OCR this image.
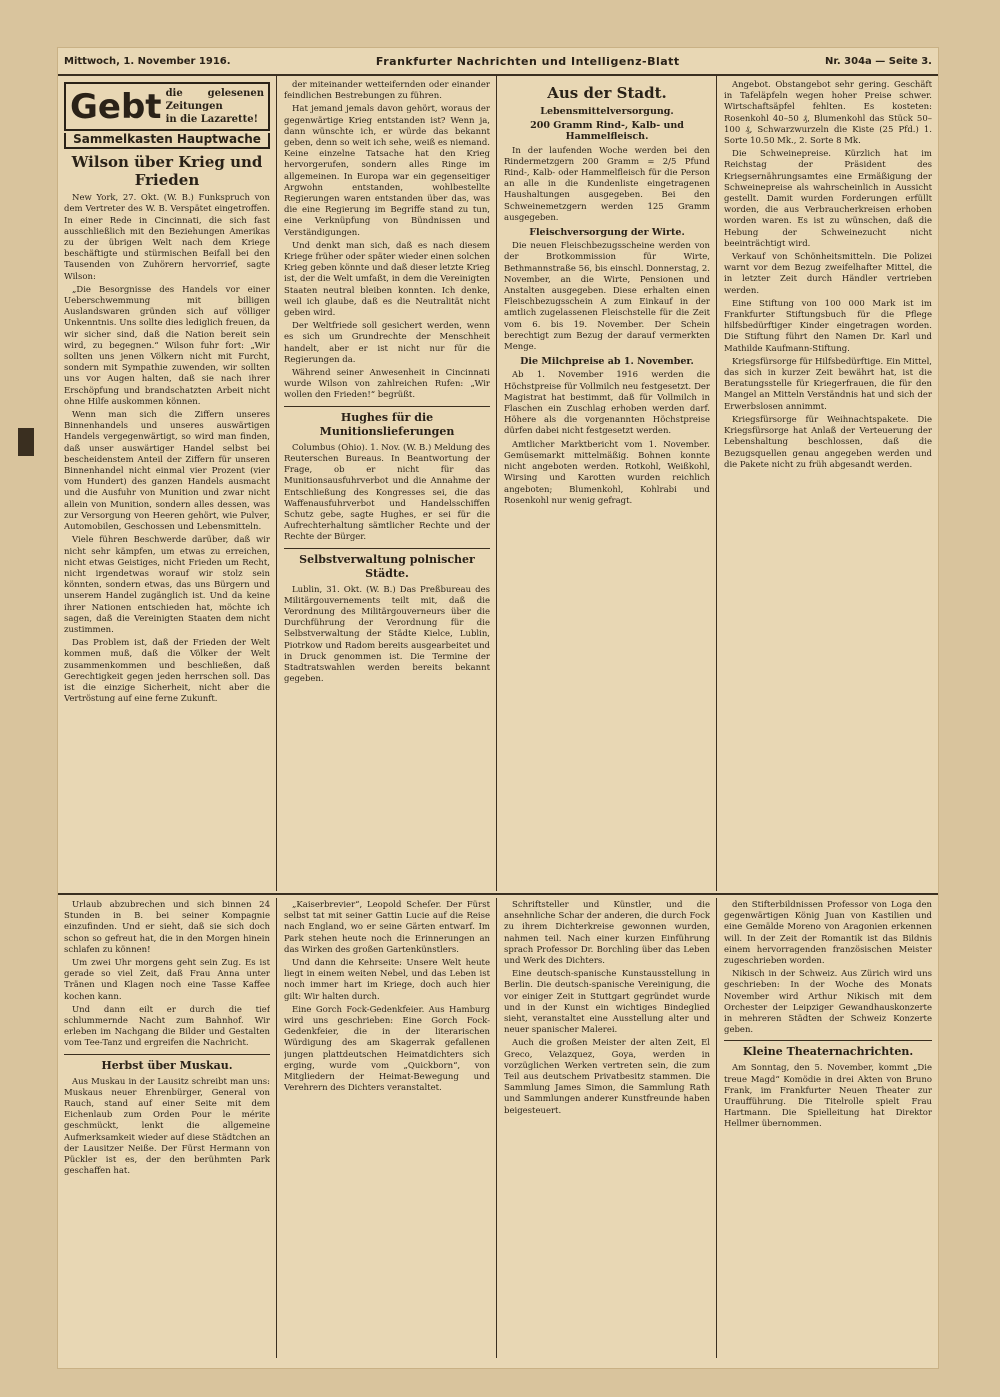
Mittwoch, 1. November 1916.	Frankfurter Nachrichten und Intelligenz-Blatt	Nr. 304a — Seite 3.
Gebt die gelesenen Zeitungen
in die Lazarette!
Sammelkasten Hauptwache
Wilson über Krieg und Frieden

New York, 27. Okt. (W. B.) Funkspruch von dem Vertreter des W. B. Verspätet eingetroffen. In einer Rede in Cincinnati, die sich fast ausschließlich mit den Beziehungen Amerikas zu der übrigen Welt nach dem Kriege beschäftigte und stürmischen Beifall bei den Tausenden von Zuhörern hervorrief, sagte Wilson:

„Die Besorgnisse des Handels vor einer Ueberschwemmung mit billigen Auslandswaren gründen sich auf völliger Unkenntnis. Uns sollte dies lediglich freuen, da wir sicher sind, daß die Nation bereit sein wird, zu begegnen.“ Wilson fuhr fort: „Wir sollten uns jenen Völkern nicht mit Furcht, sondern mit Sympathie zuwenden, wir sollten uns vor Augen halten, daß sie nach ihrer Erschöpfung und brandschatzten Arbeit nicht ohne Hilfe auskommen können.

Wenn man sich die Ziffern unseres Binnenhandels und unseres auswärtigen Handels vergegenwärtigt, so wird man finden, daß unser auswärtiger Handel selbst bei bescheidenstem Anteil der Ziffern für unseren Binnenhandel nicht einmal vier Prozent (vier vom Hundert) des ganzen Handels ausmacht und die Ausfuhr von Munition und zwar nicht allein von Munition, sondern alles dessen, was zur Versorgung von Heeren gehört, wie Pulver, Automobilen, Geschossen und Lebensmitteln.

Viele führen Beschwerde darüber, daß wir nicht sehr kämpfen, um etwas zu erreichen, nicht etwas Geistiges, nicht Frieden um Recht, nicht irgendetwas worauf wir stolz sein könnten, sondern etwas, das uns Bürgern und unserem Handel zugänglich ist. Und da keine ihrer Nationen entschieden hat, möchte ich sagen, daß die Vereinigten Staaten dem nicht zustimmen.

Das Problem ist, daß der Frieden der Welt kommen muß, daß die Völker der Welt zusammenkommen und beschließen, daß Gerechtigkeit gegen jeden herrschen soll. Das ist die einzige Sicherheit, nicht aber die Vertröstung auf eine ferne Zukunft.

der miteinander wetteifernden oder einander feindlichen Bestrebungen zu führen.

Hat jemand jemals davon gehört, woraus der gegenwärtige Krieg entstanden ist? Wenn ja, dann wünschte ich, er würde das bekannt geben, denn so weit ich sehe, weiß es niemand. Keine einzelne Tatsache hat den Krieg hervorgerufen, sondern alles Ringe im allgemeinen. In Europa war ein gegenseitiger Argwohn entstanden, wohlbestellte Regierungen waren entstanden über das, was die eine Regierung im Begriffe stand zu tun, eine Verknüpfung von Bündnissen und Verständigungen.

Und denkt man sich, daß es nach diesem Kriege früher oder später wieder einen solchen Krieg geben könnte und daß dieser letzte Krieg ist, der die Welt umfaßt, in dem die Vereinigten Staaten neutral bleiben konnten. Ich denke, weil ich glaube, daß es die Neutralität nicht geben wird.

Der Weltfriede soll gesichert werden, wenn es sich um Grundrechte der Menschheit handelt, aber er ist nicht nur für die Regierungen da.

Während seiner Anwesenheit in Cincinnati wurde Wilson von zahlreichen Rufen: „Wir wollen den Frieden!“ begrüßt.

Hughes für die Munitionslieferungen

Columbus (Ohio). 1. Nov. (W. B.) Meldung des Reuterschen Bureaus. In Beantwortung der Frage, ob er nicht für das Munitionsausfuhrverbot und die Annahme der Entschließung des Kongresses sei, die das Waffenausfuhrverbot und Handelsschiffen Schutz gebe, sagte Hughes, er sei für die Aufrechterhaltung sämtlicher Rechte und der Rechte der Bürger.

Selbstverwaltung polnischer Städte.

Lublin, 31. Okt. (W. B.) Das Preßbureau des Militärgouvernements teilt mit, daß die Verordnung des Militärgouverneurs über die Durchführung der Verordnung für die Selbstverwaltung der Städte Kielce, Lublin, Piotrkow und Radom bereits ausgearbeitet und in Druck genommen ist. Die Termine der Stadtratswahlen werden bereits bekannt gegeben.

Aus der Stadt.
Lebensmittelversorgung.
200 Gramm Rind-, Kalb- und Hammelfleisch.

In der laufenden Woche werden bei den Rindermetzgern 200 Gramm = 2/5 Pfund Rind-, Kalb- oder Hammelfleisch für die Person an alle in die Kundenliste eingetragenen Haushaltungen ausgegeben. Bei den Schweinemetzgern werden 125 Gramm ausgegeben.

Fleischversorgung der Wirte.

Die neuen Fleischbezugsscheine werden von der Brotkommission für Wirte, Bethmannstraße 56, bis einschl. Donnerstag, 2. November, an die Wirte, Pensionen und Anstalten ausgegeben. Diese erhalten einen Fleischbezugsschein A zum Einkauf in der amtlich zugelassenen Fleischstelle für die Zeit vom 6. bis 19. November. Der Schein berechtigt zum Bezug der darauf vermerkten Menge.

Die Milchpreise ab 1. November.

Ab 1. November 1916 werden die Höchstpreise für Vollmilch neu festgesetzt. Der Magistrat hat bestimmt, daß für Vollmilch in Flaschen ein Zuschlag erhoben werden darf. Höhere als die vorgenannten Höchstpreise dürfen dabei nicht festgesetzt werden.

Amtlicher Marktbericht vom 1. November. Gemüsemarkt mittelmäßig. Bohnen konnte nicht angeboten werden. Rotkohl, Weißkohl, Wirsing und Karotten wurden reichlich angeboten; Blumenkohl, Kohlrabi und Rosenkohl nur wenig gefragt.

Angebot. Obstangebot sehr gering. Geschäft in Tafeläpfeln wegen hoher Preise schwer. Wirtschaftsäpfel fehlten. Es kosteten: Rosenkohl 40–50 ₰, Blumenkohl das Stück 50–100 ₰, Schwarzwurzeln die Kiste (25 Pfd.) 1. Sorte 10.50 Mk., 2. Sorte 8 Mk.

Die Schweinepreise. Kürzlich hat im Reichstag der Präsident des Kriegsernährungsamtes eine Ermäßigung der Schweinepreise als wahrscheinlich in Aussicht gestellt. Damit wurden Forderungen erfüllt worden, die aus Verbraucherkreisen erhoben worden waren. Es ist zu wünschen, daß die Hebung der Schweinezucht nicht beeinträchtigt wird.

Verkauf von Schönheitsmitteln. Die Polizei warnt vor dem Bezug zweifelhafter Mittel, die in letzter Zeit durch Händler vertrieben werden.

Eine Stiftung von 100 000 Mark ist im Frankfurter Stiftungsbuch für die Pflege hilfsbedürftiger Kinder eingetragen worden. Die Stiftung führt den Namen Dr. Karl und Mathilde Kaufmann-Stiftung.

Kriegsfürsorge für Hilfsbedürftige. Ein Mittel, das sich in kurzer Zeit bewährt hat, ist die Beratungsstelle für Kriegerfrauen, die für den Mangel an Mitteln Verständnis hat und sich der Erwerbslosen annimmt.

Kriegsfürsorge für Weihnachtspakete. Die Kriegsfürsorge hat Anlaß der Verteuerung der Lebenshaltung beschlossen, daß die Bezugsquellen genau angegeben werden und die Pakete nicht zu früh abgesandt werden.

Urlaub abzubrechen und sich binnen 24 Stunden in B. bei seiner Kompagnie einzufinden. Und er sieht, daß sie sich doch schon so gefreut hat, die in den Morgen hinein schlafen zu können!

Um zwei Uhr morgens geht sein Zug. Es ist gerade so viel Zeit, daß Frau Anna unter Tränen und Klagen noch eine Tasse Kaffee kochen kann.

Und dann eilt er durch die tief schlummernde Nacht zum Bahnhof. Wir erleben im Nachgang die Bilder und Gestalten vom Tee-Tanz und ergreifen die Nachricht.

Herbst über Muskau.

Aus Muskau in der Lausitz schreibt man uns: Muskaus neuer Ehrenbürger, General von Rauch, stand auf einer Seite mit dem Eichenlaub zum Orden Pour le mérite geschmückt, lenkt die allgemeine Aufmerksamkeit wieder auf diese Städtchen an der Lausitzer Neiße. Der Fürst Hermann von Pückler ist es, der den berühmten Park geschaffen hat.

„Kaiserbrevier“, Leopold Scheſer. Der Fürst selbst tat mit seiner Gattin Lucie auf die Reise nach England, wo er seine Gärten entwarf. Im Park stehen heute noch die Erinnerungen an das Wirken des großen Gartenkünstlers.

Und dann die Kehrseite: Unsere Welt heute liegt in einem weiten Nebel, und das Leben ist noch immer hart im Kriege, doch auch hier gilt: Wir halten durch.

Eine Gorch Fock-Gedenkfeier. Aus Hamburg wird uns geschrieben: Eine Gorch Fock-Gedenkfeier, die in der literarischen Würdigung des am Skagerrak gefallenen jungen plattdeutschen Heimatdichters sich erging, wurde vom „Quickborn“, von Mitgliedern der Heimat-Bewegung und Verehrern des Dichters veranstaltet.

Schriftsteller und Künstler, und die ansehnliche Schar der anderen, die durch Fock zu ihrem Dichterkreise gewonnen wurden, nahmen teil. Nach einer kurzen Einführung sprach Professor Dr. Borchling über das Leben und Werk des Dichters.

Eine deutsch-spanische Kunstausstellung in Berlin. Die deutsch-spanische Vereinigung, die vor einiger Zeit in Stuttgart gegründet wurde und in der Kunst ein wichtiges Bindeglied sieht, veranstaltet eine Ausstellung alter und neuer spanischer Malerei.

Auch die großen Meister der alten Zeit, El Greco, Velazquez, Goya, werden in vorzüglichen Werken vertreten sein, die zum Teil aus deutschem Privatbesitz stammen. Die Sammlung James Simon, die Sammlung Rath und Sammlungen anderer Kunstfreunde haben beigesteuert.

den Stifterbildnissen Professor von Loga den gegenwärtigen König Juan von Kastilien und eine Gemälde Moreno von Aragonien erkennen will. In der Zeit der Romantik ist das Bildnis einem hervorragenden französischen Meister zugeschrieben worden.

Nikisch in der Schweiz. Aus Zürich wird uns geschrieben: In der Woche des Monats November wird Arthur Nikisch mit dem Orchester der Leipziger Gewandhauskonzerte in mehreren Städten der Schweiz Konzerte geben.

Kleine Theaternachrichten.

Am Sonntag, den 5. November, kommt „Die treue Magd“ Komödie in drei Akten von Bruno Frank, im Frankfurter Neuen Theater zur Uraufführung. Die Titelrolle spielt Frau Hartmann. Die Spielleitung hat Direktor Hellmer übernommen.
